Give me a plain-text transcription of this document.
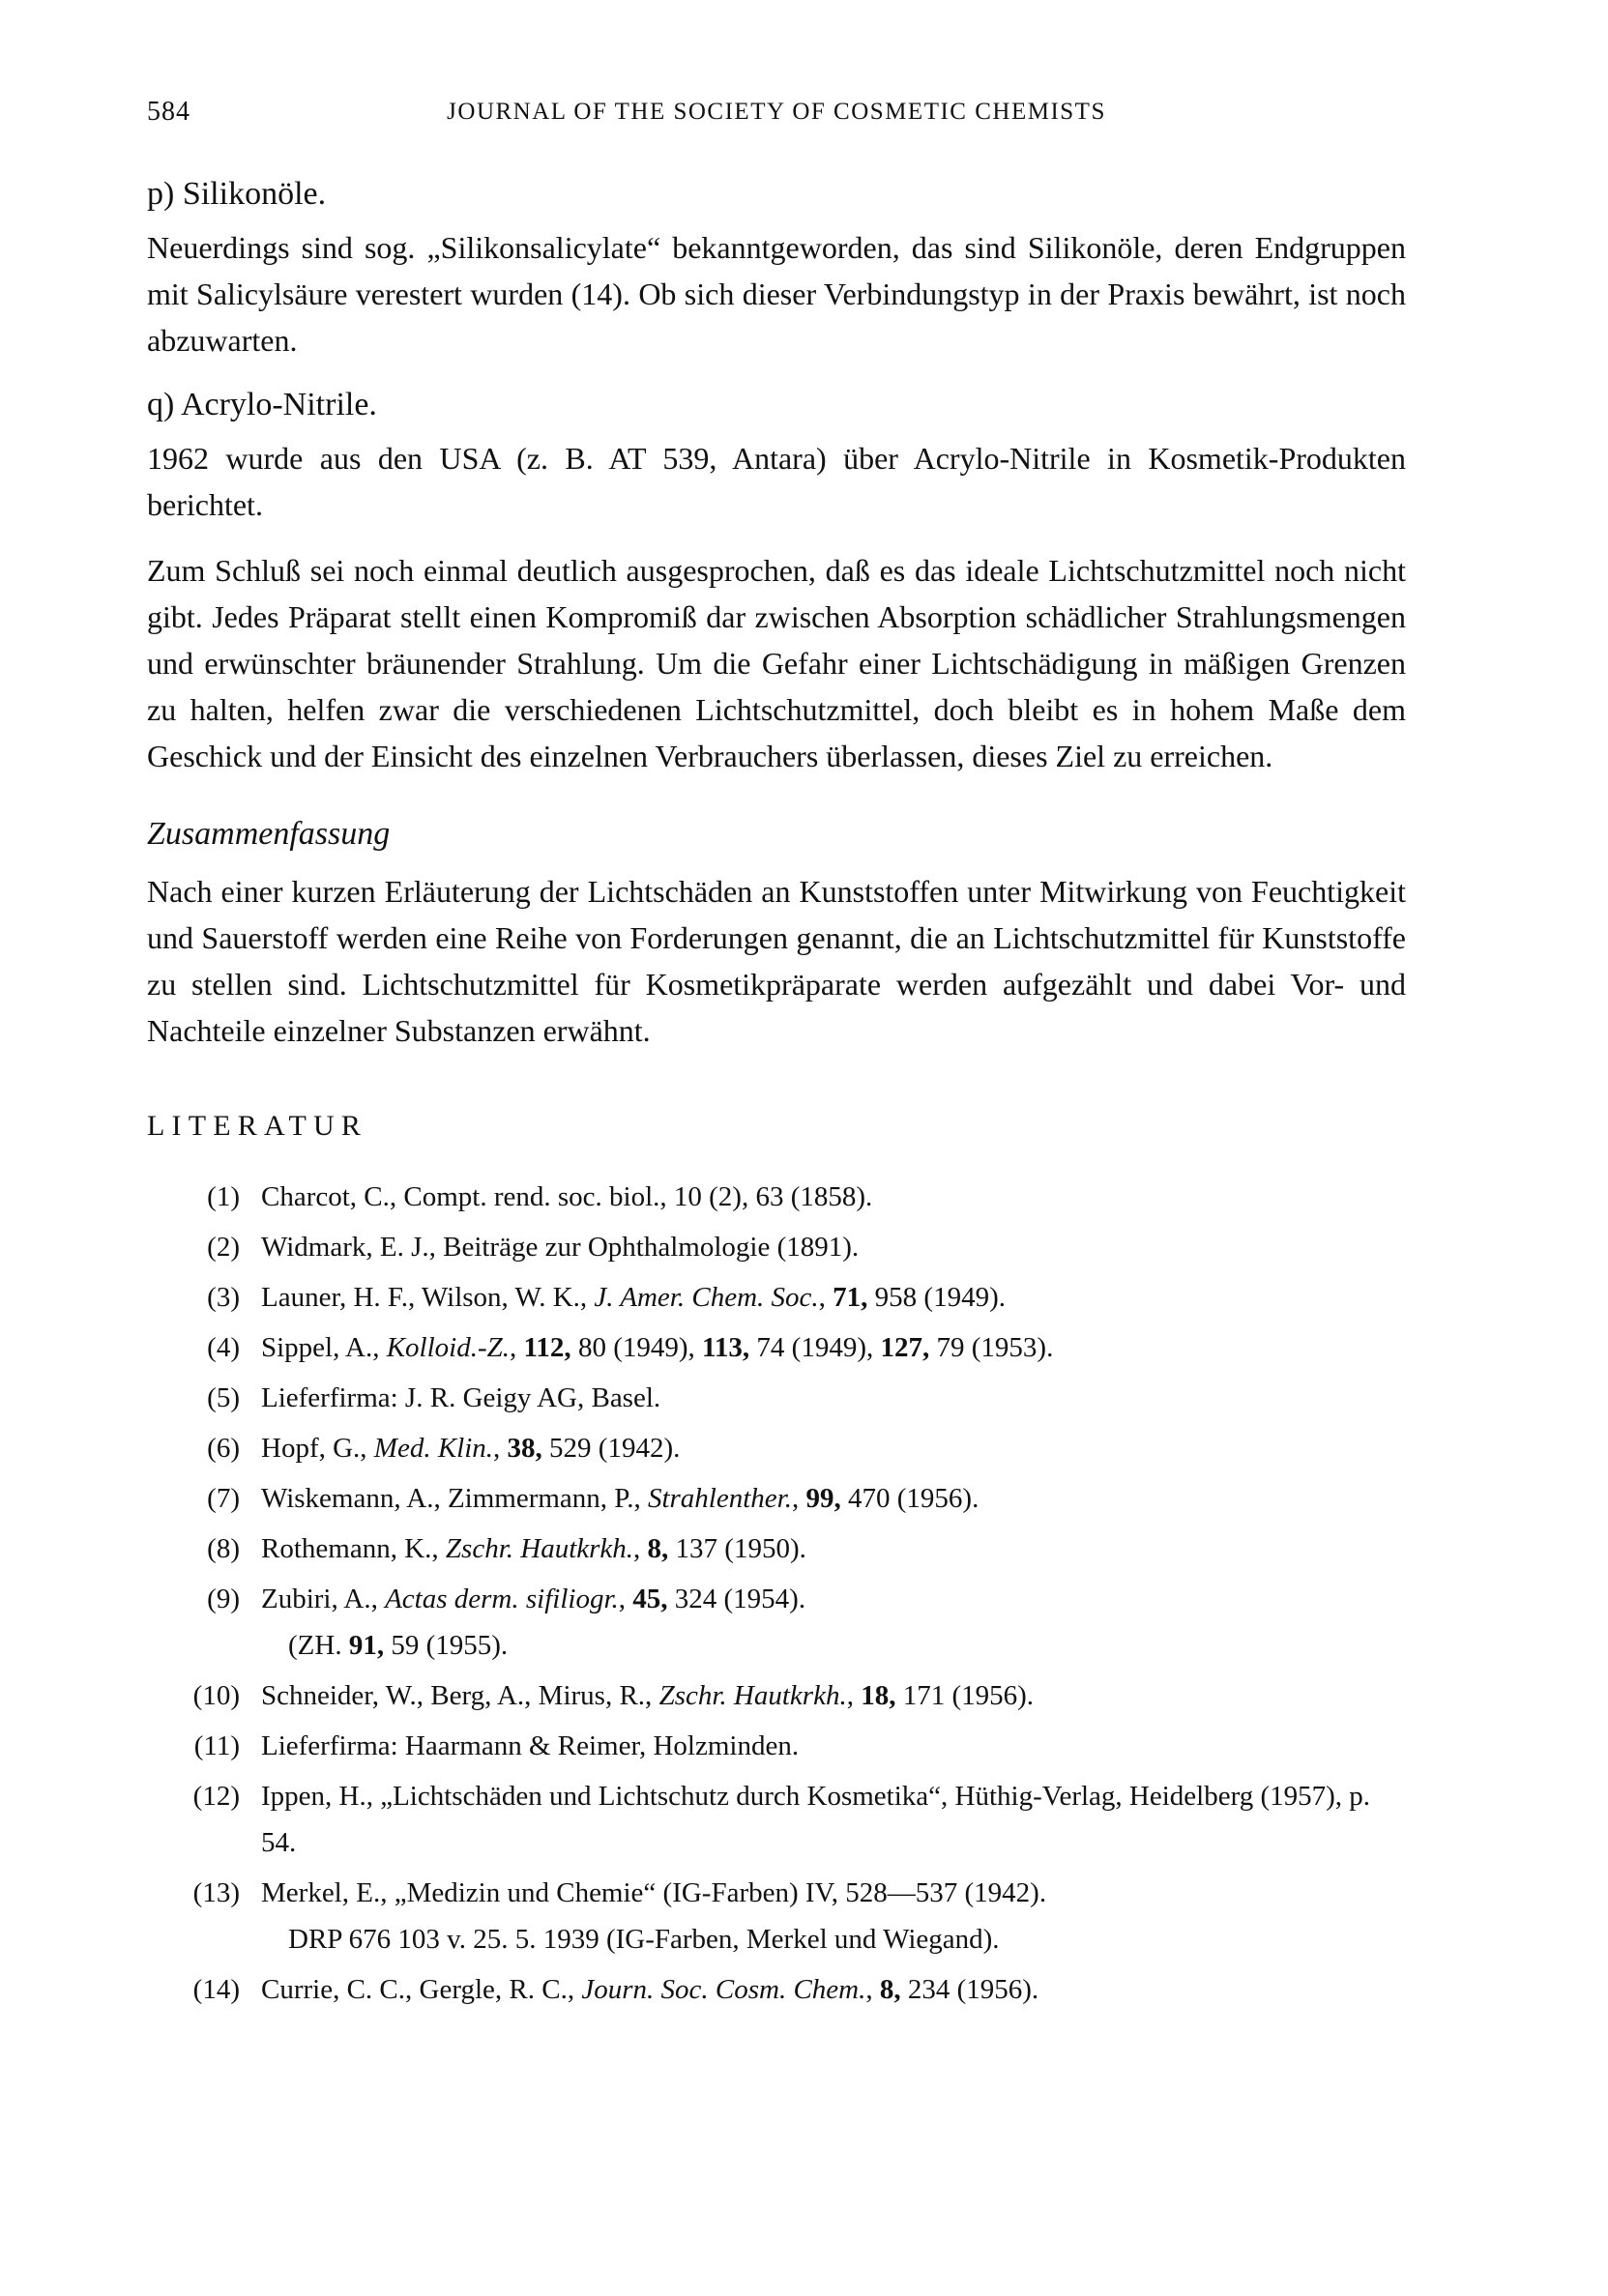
584	JOURNAL OF THE SOCIETY OF COSMETIC CHEMISTS
p) Silikonöle.

Neuerdings sind sog. „Silikonsalicylate“ bekanntgeworden, das sind Silikonöle, deren Endgruppen mit Salicylsäure verestert wurden (14). Ob sich dieser Verbindungstyp in der Praxis bewährt, ist noch abzuwarten.

q) Acrylo-Nitrile.

1962 wurde aus den USA (z. B. AT 539, Antara) über Acrylo-Nitrile in Kosmetik-Produkten berichtet.

Zum Schluß sei noch einmal deutlich ausgesprochen, daß es das ideale Lichtschutzmittel noch nicht gibt. Jedes Präparat stellt einen Kompromiß dar zwischen Absorption schädlicher Strahlungsmengen und erwünschter bräunender Strahlung. Um die Gefahr einer Lichtschädigung in mäßigen Grenzen zu halten, helfen zwar die verschiedenen Lichtschutzmittel, doch bleibt es in hohem Maße dem Geschick und der Einsicht des einzelnen Verbrauchers überlassen, dieses Ziel zu erreichen.

Zusammenfassung

Nach einer kurzen Erläuterung der Lichtschäden an Kunststoffen unter Mitwirkung von Feuchtigkeit und Sauerstoff werden eine Reihe von Forderungen genannt, die an Lichtschutzmittel für Kunststoffe zu stellen sind. Lichtschutzmittel für Kosmetikpräparate werden aufgezählt und dabei Vor- und Nachteile einzelner Substanzen erwähnt.

LITERATUR
(1) Charcot, C., Compt. rend. soc. biol., 10 (2), 63 (1858).
(2) Widmark, E. J., Beiträge zur Ophthalmologie (1891).
(3) Launer, H. F., Wilson, W. K., J. Amer. Chem. Soc., 71, 958 (1949).
(4) Sippel, A., Kolloid.-Z., 112, 80 (1949), 113, 74 (1949), 127, 79 (1953).
(5) Lieferfirma: J. R. Geigy AG, Basel.
(6) Hopf, G., Med. Klin., 38, 529 (1942).
(7) Wiskemann, A., Zimmermann, P., Strahlenther., 99, 470 (1956).
(8) Rothemann, K., Zschr. Hautkrkh., 8, 137 (1950).
(9) Zubiri, A., Actas derm. sifiliogr., 45, 324 (1954).
(ZH. 91, 59 (1955).
(10) Schneider, W., Berg, A., Mirus, R., Zschr. Hautkrkh., 18, 171 (1956).
(11) Lieferfirma: Haarmann & Reimer, Holzminden.
(12) Ippen, H., „Lichtschäden und Lichtschutz durch Kosmetika“, Hüthig-Verlag, Heidelberg (1957), p. 54.
(13) Merkel, E., „Medizin und Chemie“ (IG-Farben) IV, 528—537 (1942).
DRP 676 103 v. 25. 5. 1939 (IG-Farben, Merkel und Wiegand).
(14) Currie, C. C., Gergle, R. C., Journ. Soc. Cosm. Chem., 8, 234 (1956).
